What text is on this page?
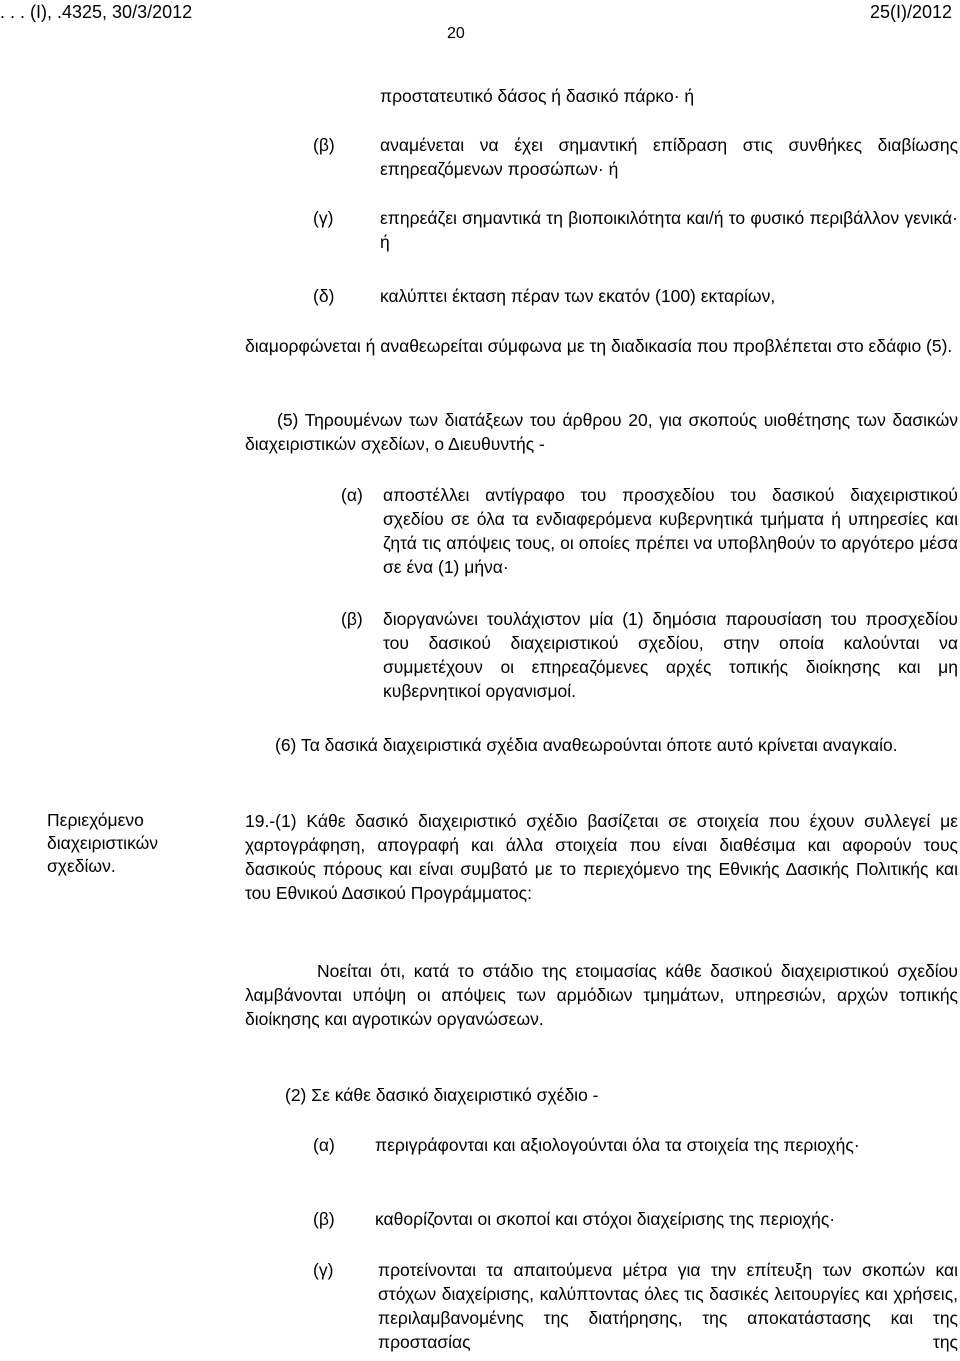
. . . (Ι), .4325, 30/3/2012	25(Ι)/2012
20
προστατευτικό δάσος ή δασικό πάρκο· ή
(β)	αναμένεται να έχει σημαντική επίδραση στις συνθήκες διαβίωσης επηρεαζόμενων προσώπων· ή
(γ)	επηρεάζει σημαντικά τη βιοποικιλότητα και/ή το φυσικό περιβάλλον γενικά· ή
(δ)	καλύπτει έκταση πέραν των εκατόν (100) εκταρίων,
διαμορφώνεται ή αναθεωρείται σύμφωνα με τη διαδικασία που προβλέπεται στο εδάφιο (5).
(5) Τηρουμένων των διατάξεων του άρθρου 20, για σκοπούς υιοθέτησης των δασικών διαχειριστικών σχεδίων, ο Διευθυντής -
(α) αποστέλλει αντίγραφο του προσχεδίου του δασικού διαχειριστικού σχεδίου σε όλα τα ενδιαφερόμενα κυβερνητικά τμήματα ή υπηρεσίες και ζητά τις απόψεις τους, οι οποίες πρέπει να υποβληθούν το αργότερο μέσα σε ένα (1) μήνα·
(β) διοργανώνει τουλάχιστον μία (1) δημόσια παρουσίαση του προσχεδίου του δασικού διαχειριστικού σχεδίου, στην οποία καλούνται να συμμετέχουν οι επηρεαζόμενες αρχές τοπικής διοίκησης και μη κυβερνητικοί οργανισμοί.
(6) Τα δασικά διαχειριστικά σχέδια αναθεωρούνται όποτε αυτό κρίνεται αναγκαίο.
Περιεχόμενο διαχειριστικών σχεδίων.
19.-(1) Κάθε δασικό διαχειριστικό σχέδιο βασίζεται σε στοιχεία που έχουν συλλεγεί με χαρτογράφηση, απογραφή και άλλα στοιχεία που είναι διαθέσιμα και αφορούν τους δασικούς πόρους και είναι συμβατό με το περιεχόμενο της Εθνικής Δασικής Πολιτικής και του Εθνικού Δασικού Προγράμματος:
Νοείται ότι, κατά το στάδιο της ετοιμασίας κάθε δασικού διαχειριστικού σχεδίου λαμβάνονται υπόψη οι απόψεις των αρμόδιων τμημάτων, υπηρεσιών, αρχών τοπικής διοίκησης και αγροτικών οργανώσεων.
(2) Σε κάθε δασικό διαχειριστικό σχέδιο -
(α) περιγράφονται και αξιολογούνται όλα τα στοιχεία της περιοχής·
(β) καθορίζονται οι σκοποί και στόχοι διαχείρισης της περιοχής·
(γ)	προτείνονται τα απαιτούμενα μέτρα για την επίτευξη των σκοπών και στόχων διαχείρισης, καλύπτοντας όλες τις δασικές λειτουργίες και χρήσεις, περιλαμβανομένης της διατήρησης, της αποκατάστασης και της προστασίας της
